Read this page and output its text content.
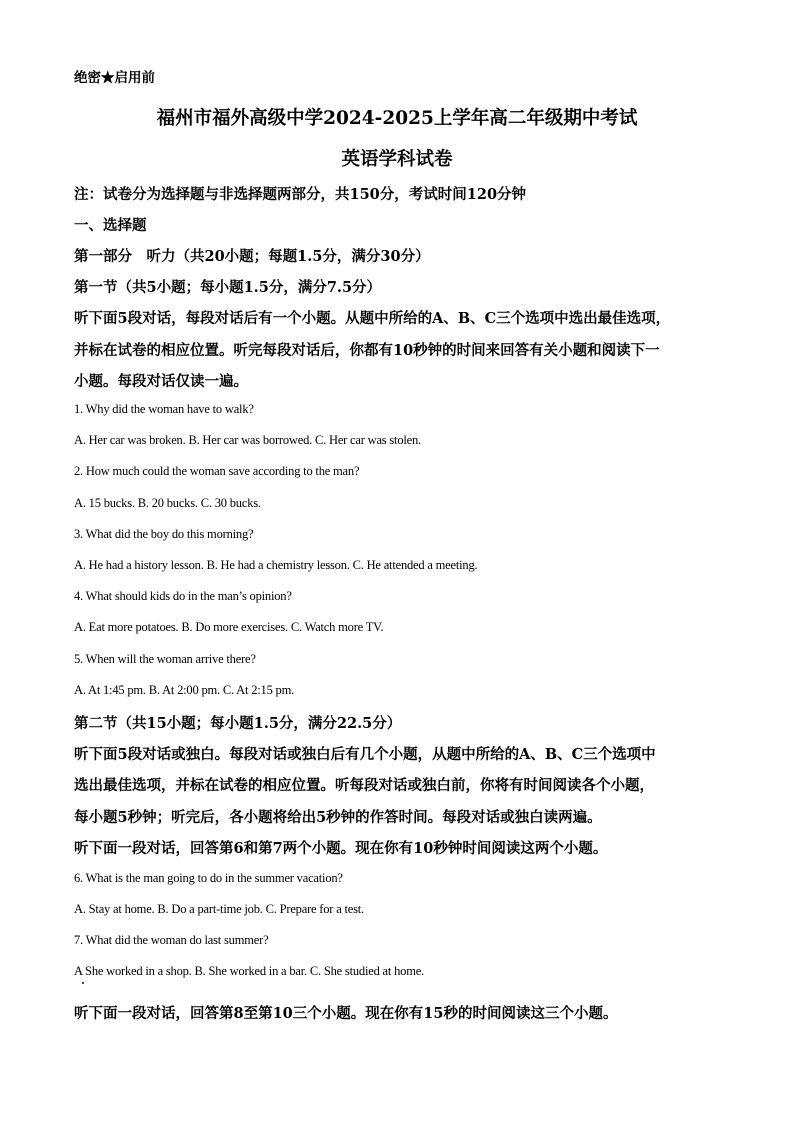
绝密★启用前
福州市福外高级中学2024-2025上学年高二年级期中考试
英语学科试卷
注：试卷分为选择题与非选择题两部分，共150分，考试时间120分钟
一、选择题
第一部分　听力（共20小题；每题1.5分，满分30分）
第一节（共5小题；每小题1.5分，满分7.5分）
听下面5段对话，每段对话后有一个小题。从题中所给的A、B、C三个选项中选出最佳选项，
并标在试卷的相应位置。听完每段对话后，你都有10秒钟的时间来回答有关小题和阅读下一
小题。每段对话仅读一遍。
1. Why did the woman have to walk?
A. Her car was broken. B. Her car was borrowed. C. Her car was stolen.
2. How much could the woman save according to the man?
A. 15 bucks. B. 20 bucks. C. 30 bucks.
3. What did the boy do this morning?
A. He had a history lesson. B. He had a chemistry lesson. C. He attended a meeting.
4. What should kids do in the man’s opinion?
A. Eat more potatoes. B. Do more exercises. C. Watch more TV.
5. When will the woman arrive there?
A. At 1:45 pm. B. At 2:00 pm. C. At 2:15 pm.
第二节（共15小题；每小题1.5分，满分22.5分）
听下面5段对话或独白。每段对话或独白后有几个小题，从题中所给的A、B、C三个选项中
选出最佳选项，并标在试卷的相应位置。听每段对话或独白前，你将有时间阅读各个小题，
每小题5秒钟；听完后，各小题将给出5秒钟的作答时间。每段对话或独白读两遍。
听下面一段对话，回答第6和第7两个小题。现在你有10秒钟时间阅读这两个小题。
6. What is the man going to do in the summer vacation?
A. Stay at home. B. Do a part-time job. C. Prepare for a test.
7. What did the woman do last summer?
A She worked in a shop. B. She worked in a bar. C. She studied at home.
听下面一段对话，回答第8至第10三个小题。现在你有15秒的时间阅读这三个小题。
